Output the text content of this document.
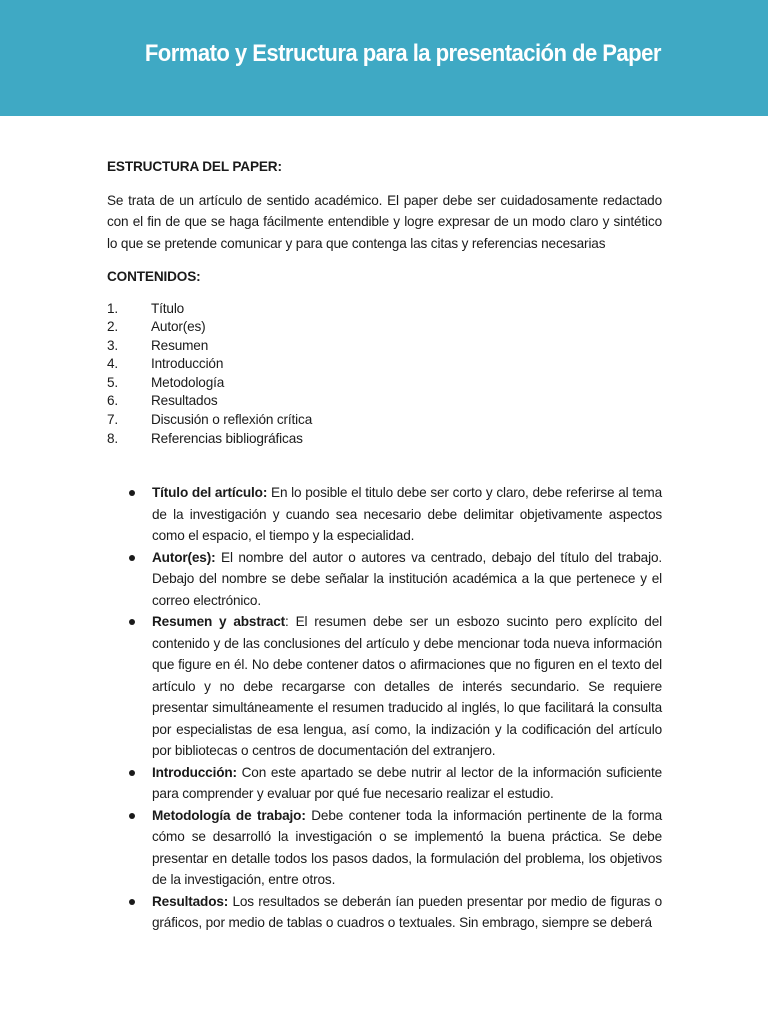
Formato y Estructura para la presentación de Paper
ESTRUCTURA DEL PAPER:
Se trata de un artículo de sentido académico. El paper debe ser cuidadosamente redactado con el fin de que se haga fácilmente entendible y logre expresar de un modo claro y sintético lo que se pretende comunicar y para que contenga las citas y referencias necesarias
CONTENIDOS:
1.	Título
2.	Autor(es)
3.	Resumen
4.	Introducción
5.	Metodología
6.	Resultados
7.	Discusión o reflexión crítica
8.	Referencias bibliográficas
Título del artículo: En lo posible el titulo debe ser corto y claro, debe referirse al tema de la investigación y cuando sea necesario debe delimitar objetivamente aspectos como el espacio, el tiempo y la especialidad.
Autor(es): El nombre del autor o autores va centrado, debajo del título del trabajo. Debajo del nombre se debe señalar la institución académica a la que pertenece y el correo electrónico.
Resumen y abstract: El resumen debe ser un esbozo sucinto pero explícito del contenido y de las conclusiones del artículo y debe mencionar toda nueva información que figure en él. No debe contener datos o afirmaciones que no figuren en el texto del artículo y no debe recargarse con detalles de interés secundario. Se requiere presentar simultáneamente el resumen traducido al inglés, lo que facilitará la consulta por especialistas de esa lengua, así como, la indización y la codificación del artículo por bibliotecas o centros de documentación del extranjero.
Introducción: Con este apartado se debe nutrir al lector de la información suficiente para comprender y evaluar por qué fue necesario realizar el estudio.
Metodología de trabajo: Debe contener toda la información pertinente de la forma cómo se desarrolló la investigación o se implementó la buena práctica. Se debe presentar en detalle todos los pasos dados, la formulación del problema, los objetivos de la investigación, entre otros.
Resultados: Los resultados se deberán ían pueden presentar por medio de figuras o gráficos, por medio de tablas o cuadros o textuales. Sin embrago, siempre se deberá
